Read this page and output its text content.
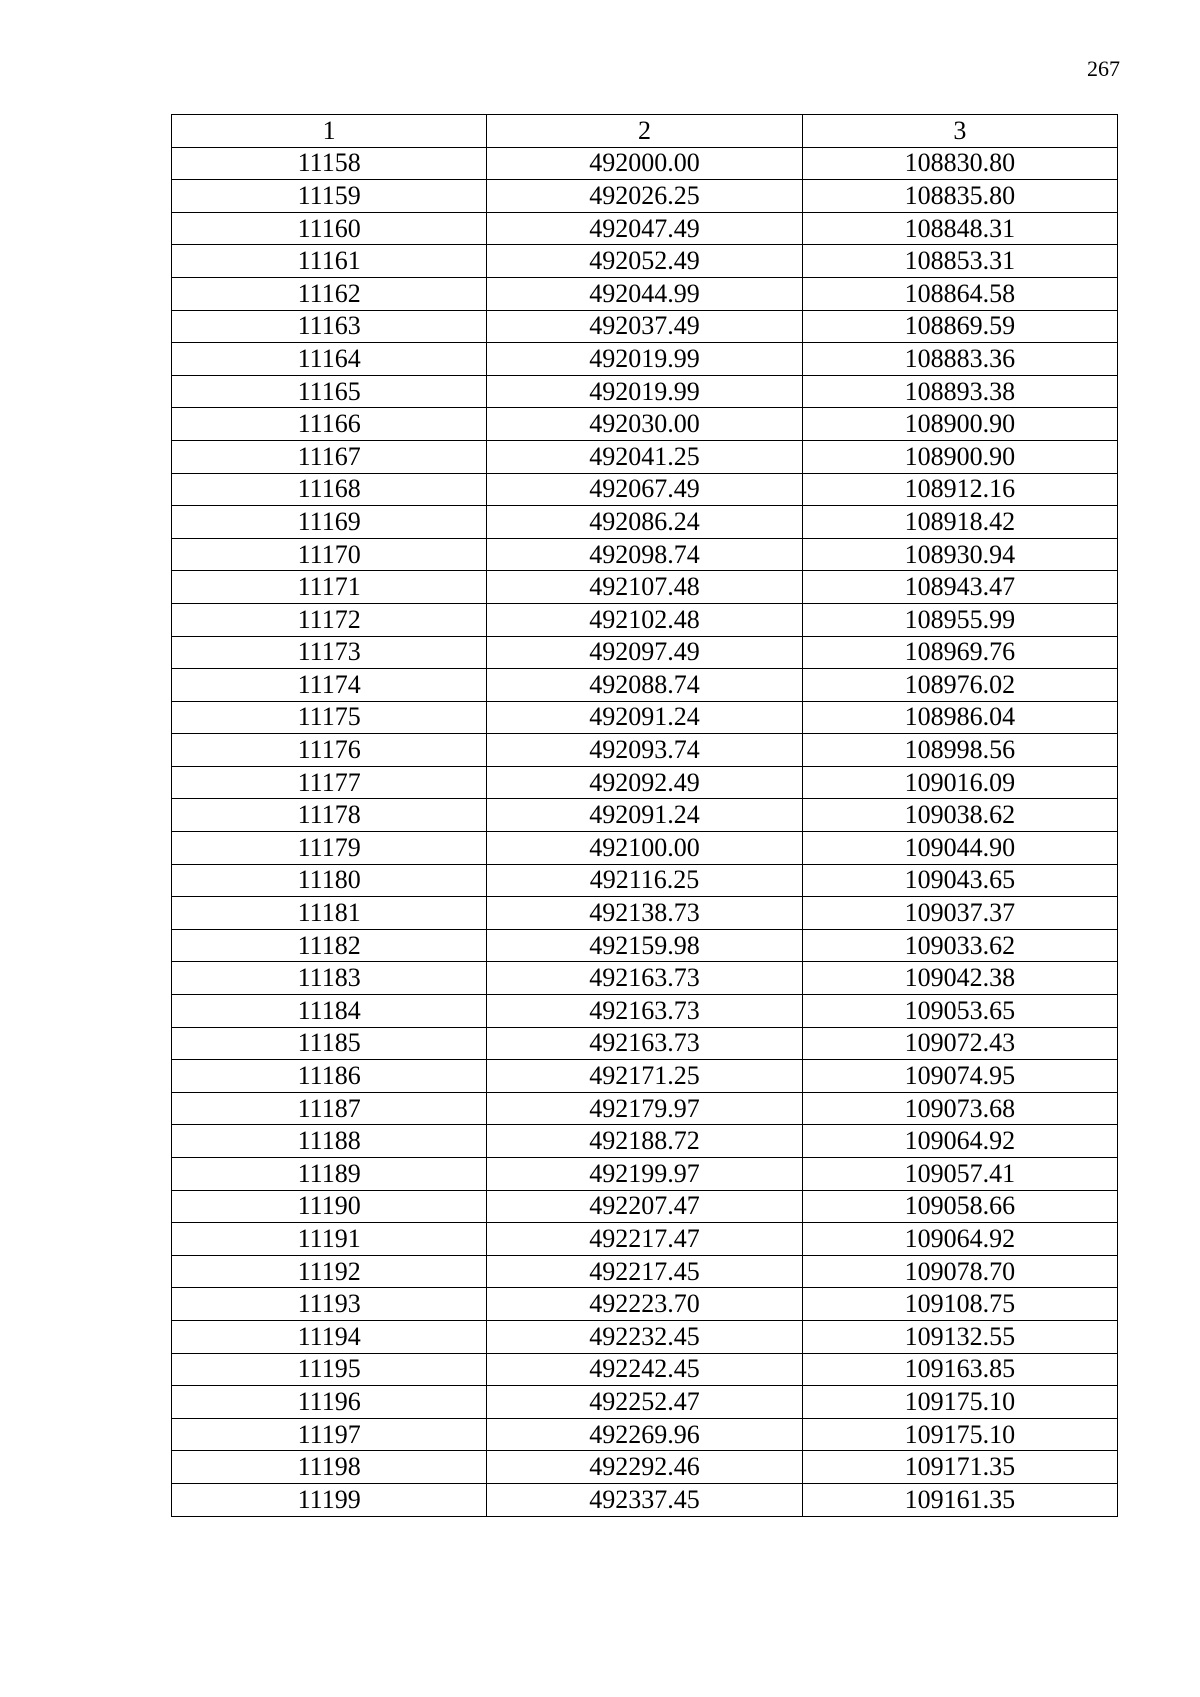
267
1	2	3
11158	492000.00	108830.80
11159	492026.25	108835.80
11160	492047.49	108848.31
11161	492052.49	108853.31
11162	492044.99	108864.58
11163	492037.49	108869.59
11164	492019.99	108883.36
11165	492019.99	108893.38
11166	492030.00	108900.90
11167	492041.25	108900.90
11168	492067.49	108912.16
11169	492086.24	108918.42
11170	492098.74	108930.94
11171	492107.48	108943.47
11172	492102.48	108955.99
11173	492097.49	108969.76
11174	492088.74	108976.02
11175	492091.24	108986.04
11176	492093.74	108998.56
11177	492092.49	109016.09
11178	492091.24	109038.62
11179	492100.00	109044.90
11180	492116.25	109043.65
11181	492138.73	109037.37
11182	492159.98	109033.62
11183	492163.73	109042.38
11184	492163.73	109053.65
11185	492163.73	109072.43
11186	492171.25	109074.95
11187	492179.97	109073.68
11188	492188.72	109064.92
11189	492199.97	109057.41
11190	492207.47	109058.66
11191	492217.47	109064.92
11192	492217.45	109078.70
11193	492223.70	109108.75
11194	492232.45	109132.55
11195	492242.45	109163.85
11196	492252.47	109175.10
11197	492269.96	109175.10
11198	492292.46	109171.35
11199	492337.45	109161.35
